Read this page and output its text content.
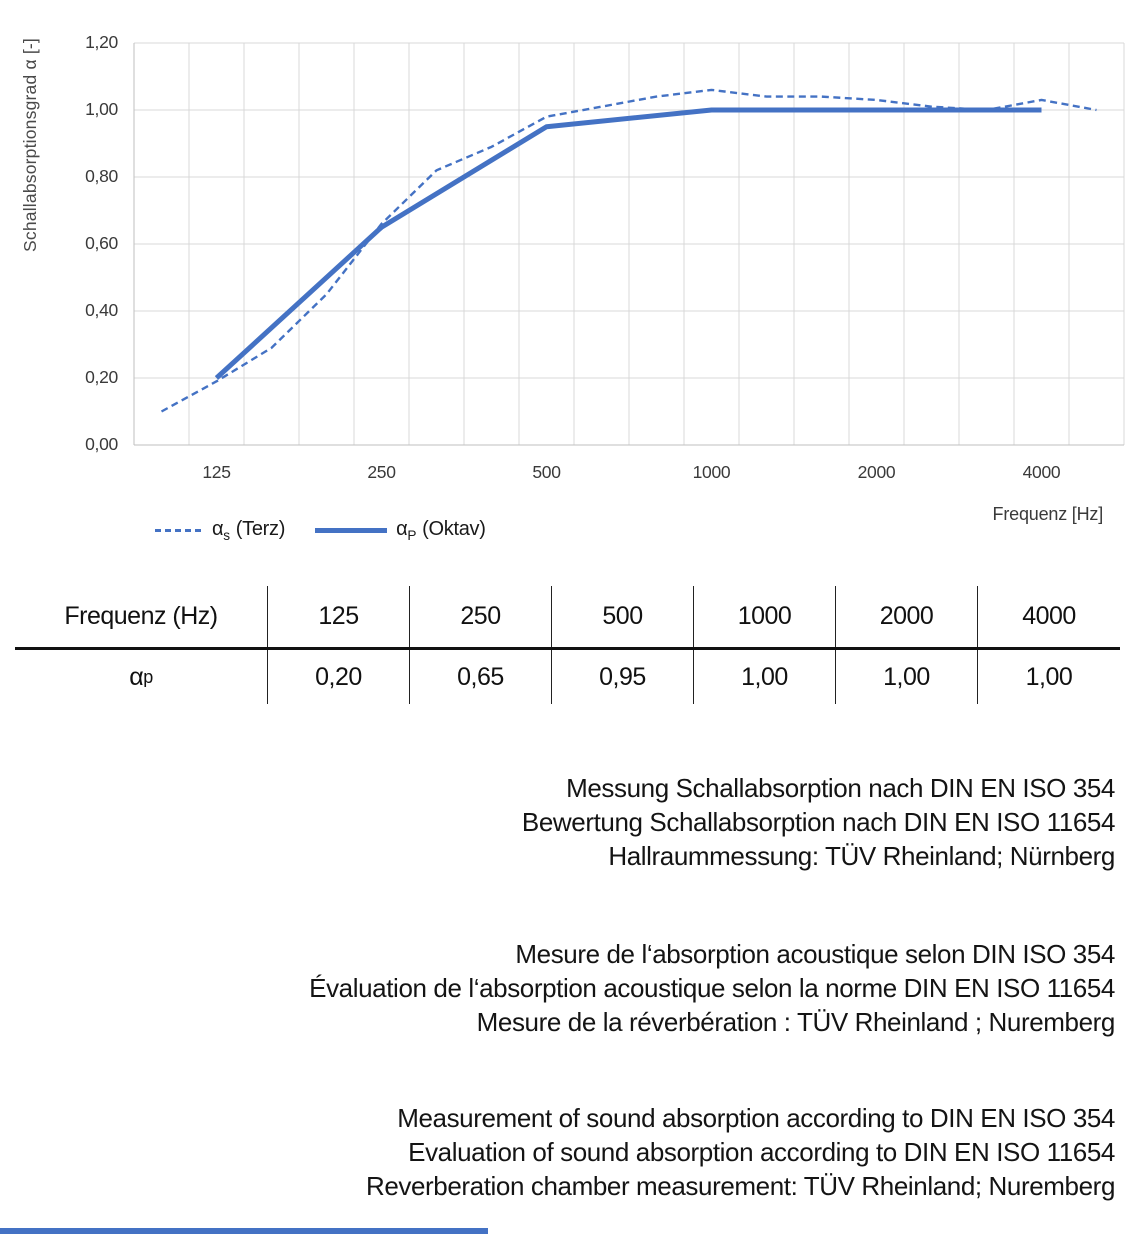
Schallabsorptionsgrad α [-]
Frequenz [Hz]
$\alpha_s$ (Terz)	$\alpha_P$ (Oktav)
1,20
1,00
0,80
0,60
0,40
0,20
0,00
125	250	500	1000	2000	4000
Frequenz (Hz)	125	250	500	1000	2000	4000
α p	0,20	0,65	0,95	1,00	1,00	1,00
Messung Schallabsorption nach DIN EN ISO 354
Bewertung Schallabsorption nach DIN EN ISO 11654
Hallraummessung: TÜV Rheinland; Nürnberg
Mesure de l‘absorption acoustique selon DIN ISO 354
Évaluation de l‘absorption acoustique selon la norme DIN EN ISO 11654
Mesure de la réverbération : TÜV Rheinland ; Nuremberg
Measurement of sound absorption according to DIN EN ISO 354
Evaluation of sound absorption according to DIN EN ISO 11654
Reverberation chamber measurement: TÜV Rheinland; Nuremberg
